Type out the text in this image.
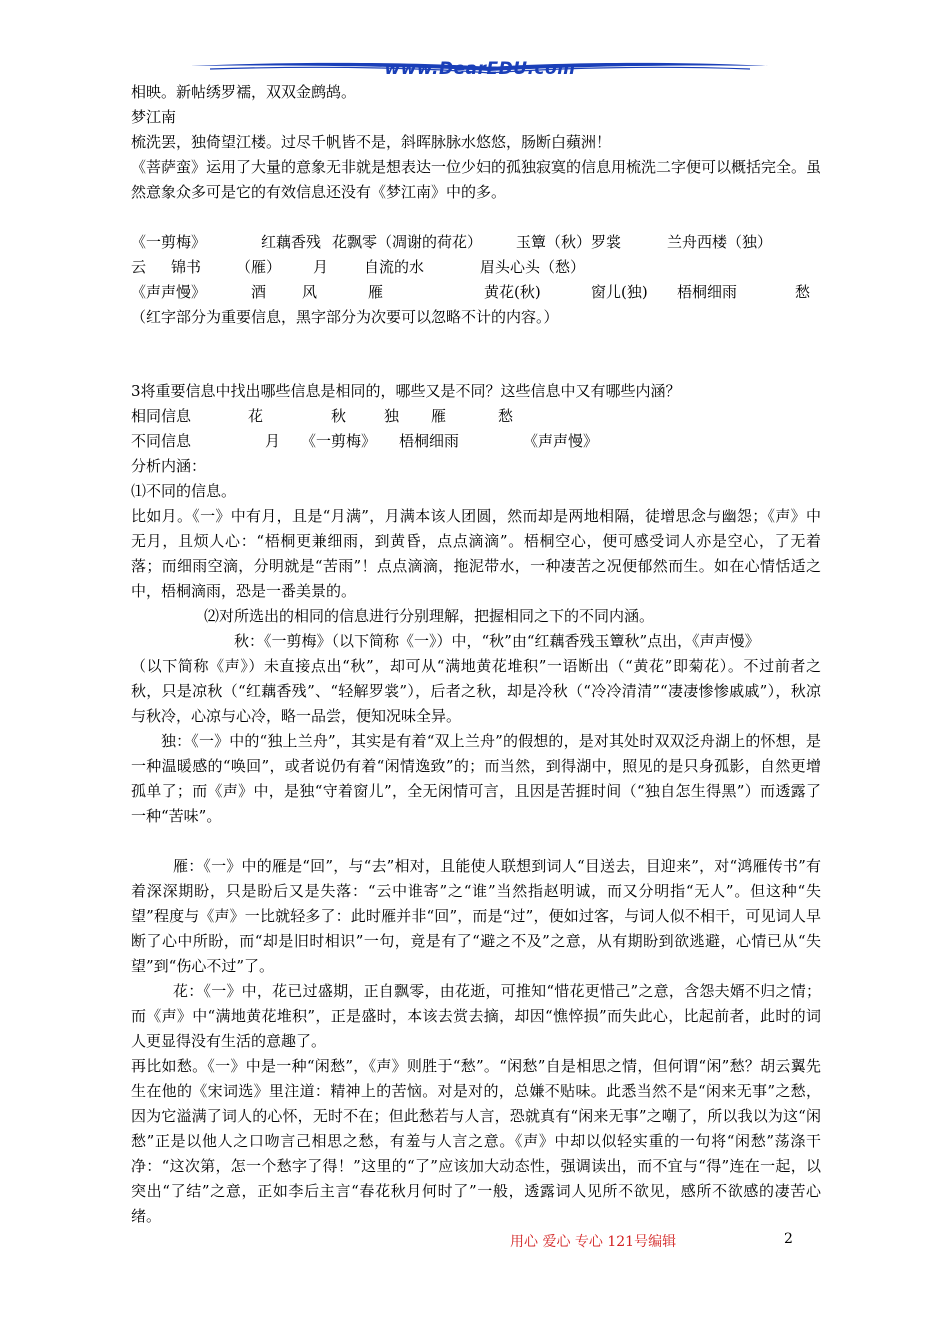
www.DearEDU.com

相映。新帖绣罗襦，双双金鹧鸪。

梦江南

梳洗罢，独倚望江楼。过尽千帆皆不是，斜晖脉脉水悠悠，肠断白蘋洲！

《菩萨蛮》运用了大量的意象无非就是想表达一位少妇的孤独寂寞的信息用梳洗二字便可以概括完全。虽然意象众多可是它的有效信息还没有《梦江南》中的多。

《一剪梅》	红藕香残 花飘零（凋谢的荷花） 玉簟（秋）罗裳	兰舟西楼（独）
云 锦书 （雁） 月 自流的水	眉头心头（愁）
《声声慢》	酒 风	雁	黄花(秋)	窗儿(独) 梧桐细雨	愁

（红字部分为重要信息，黑字部分为次要可以忽略不计的内容。）

3将重要信息中找出哪些信息是相同的，哪些又是不同？这些信息中又有哪些内涵？

相同信息	花	秋	独 雁	愁
不同信息	月 《一剪梅》 梧桐细雨	《声声慢》

分析内涵：

⑴不同的信息。

比如月。《一》中有月，且是“月满”，月满本该人团圆，然而却是两地相隔，徒增思念与幽怨；《声》中无月，且烦人心：“梧桐更兼细雨，到黄昏，点点滴滴”。梧桐空心，便可感受词人亦是空心，了无着落；而细雨空滴，分明就是“苦雨”！点点滴滴，拖泥带水，一种凄苦之况便郁然而生。如在心情恬适之中，梧桐滴雨，恐是一番美景的。

⑵对所选出的相同的信息进行分别理解，把握相同之下的不同内涵。

秋：《一剪梅》（以下简称《一》）中，“秋”由“红藕香残玉簟秋”点出，《声声慢》

（以下简称《声》）未直接点出“秋”，却可从“满地黄花堆积”一语断出（“黄花”即菊花）。不过前者之秋，只是凉秋（“红藕香残”、“轻解罗裳”），后者之秋，却是冷秋（“冷冷清清”“凄凄惨惨戚戚”），秋凉与秋冷，心凉与心冷，略一品尝，便知况味全异。

独：《一》中的“独上兰舟”，其实是有着“双上兰舟”的假想的，是对其处时双双泛舟湖上的怀想，是一种温暖感的“唤回”，或者说仍有着“闲情逸致”的；而当然，到得湖中，照见的是只身孤影，自然更增孤单了；而《声》中，是独“守着窗儿”，全无闲情可言，且因是苦捱时间（“独自怎生得黑”）而透露了一种“苦味”。

雁：《一》中的雁是“回”，与“去”相对，且能使人联想到词人“目送去，目迎来”，对“鸿雁传书”有着深深期盼，只是盼后又是失落：“云中谁寄”之“谁”当然指赵明诚，而又分明指“无人”。但这种“失望”程度与《声》一比就轻多了：此时雁并非“回”，而是“过”，便如过客，与词人似不相干，可见词人早断了心中所盼，而“却是旧时相识”一句，竟是有了“避之不及”之意，从有期盼到欲逃避，心情已从“失望”到“伤心不过”了。

花：《一》中，花已过盛期，正自飘零，由花逝，可推知“惜花更惜己”之意，含怨夫婿不归之情；而《声》中“满地黄花堆积”，正是盛时，本该去赏去摘，却因“憔悴损”而失此心，比起前者，此时的词人更显得没有生活的意趣了。

再比如愁。《一》中是一种“闲愁”，《声》则胜于“愁”。“闲愁”自是相思之情，但何谓“闲”愁？胡云翼先生在他的《宋词选》里注道：精神上的苦恼。对是对的，总嫌不贴味。此悉当然不是“闲来无事”之愁，因为它溢满了词人的心怀，无时不在；但此愁若与人言，恐就真有“闲来无事”之嘲了，所以我以为这“闲愁”正是以他人之口吻言己相思之愁，有羞与人言之意。《声》中却以似轻实重的一句将“闲愁”荡涤干净：“这次第，怎一个愁字了得！”这里的“了”应该加大动态性，强调读出，而不宜与“得”连在一起，以突出“了结”之意，正如李后主言“春花秋月何时了”一般，透露词人见所不欲见，感所不欲感的凄苦心绪。

用心 爱心 专心 121号编辑	2
